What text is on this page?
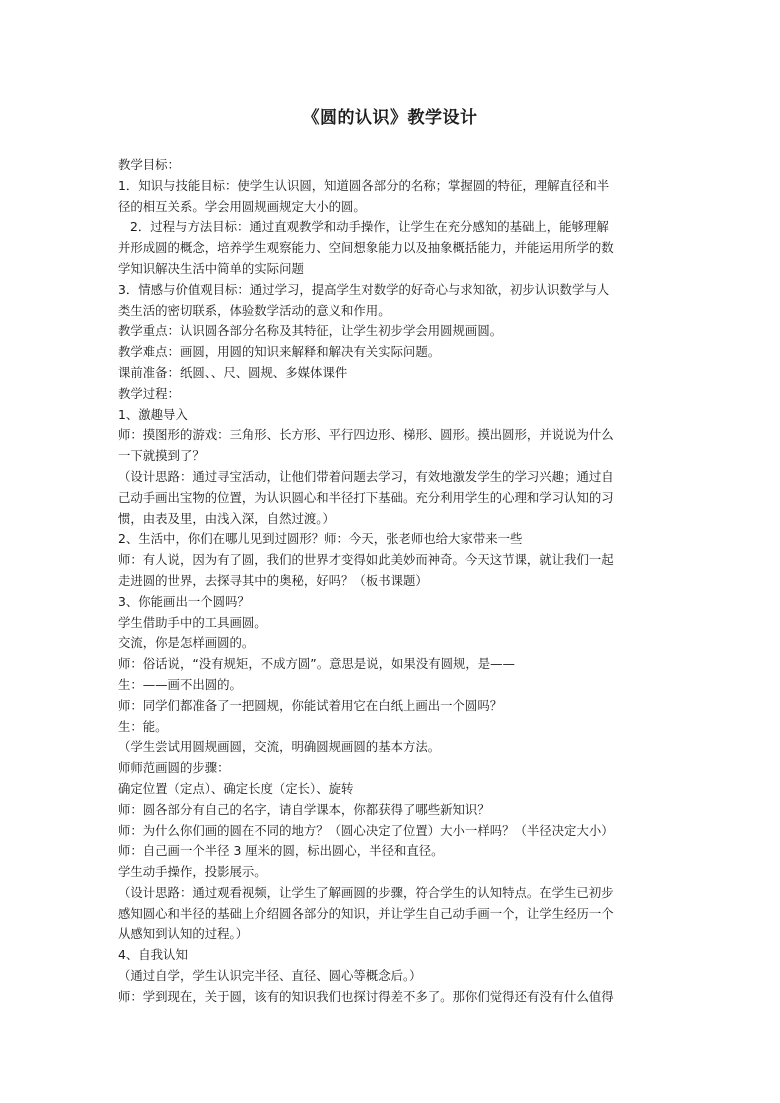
《圆的认识》教学设计
教学目标：
1．知识与技能目标：使学生认识圆，知道圆各部分的名称；掌握圆的特征，理解直径和半
径的相互关系。学会用圆规画规定大小的圆。
2．过程与方法目标：通过直观教学和动手操作，让学生在充分感知的基础上，能够理解
并形成圆的概念，培养学生观察能力、空间想象能力以及抽象概括能力，并能运用所学的数
学知识解决生活中简单的实际问题
3．情感与价值观目标：通过学习，提高学生对数学的好奇心与求知欲，初步认识数学与人
类生活的密切联系，体验数学活动的意义和作用。
教学重点：认识圆各部分名称及其特征，让学生初步学会用圆规画圆。
教学难点：画圆，用圆的知识来解释和解决有关实际问题。
课前准备：纸圆、、尺、圆规、多媒体课件
教学过程：
1、激趣导入
师：摸图形的游戏：三角形、长方形、平行四边形、梯形、圆形。摸出圆形，并说说为什么
一下就摸到了？
（设计思路：通过寻宝活动，让他们带着问题去学习，有效地激发学生的学习兴趣；通过自
己动手画出宝物的位置，为认识圆心和半径打下基础。充分利用学生的心理和学习认知的习
惯，由表及里，由浅入深，自然过渡。）
2、生活中，你们在哪儿见到过圆形？师：今天，张老师也给大家带来一些
师：有人说，因为有了圆，我们的世界才变得如此美妙而神奇。今天这节课，就让我们一起
走进圆的世界，去探寻其中的奥秘，好吗？（板书课题）
3、你能画出一个圆吗？
学生借助手中的工具画圆。
交流，你是怎样画圆的。
师：俗话说，“没有规矩，不成方圆”。意思是说，如果没有圆规，是——
生：——画不出圆的。
师：同学们都准备了一把圆规，你能试着用它在白纸上画出一个圆吗？
生：能。
（学生尝试用圆规画圆，交流，明确圆规画圆的基本方法。
师师范画圆的步骤：
确定位置（定点）、确定长度（定长）、旋转
师：圆各部分有自己的名字，请自学课本，你都获得了哪些新知识？
师：为什么你们画的圆在不同的地方？（圆心决定了位置）大小一样吗？（半径决定大小）
师：自己画一个半径 3 厘米的圆，标出圆心，半径和直径。
学生动手操作，投影展示。
（设计思路：通过观看视频，让学生了解画圆的步骤，符合学生的认知特点。在学生已初步
感知圆心和半径的基础上介绍圆各部分的知识，并让学生自己动手画一个，让学生经历一个
从感知到认知的过程。）
4、自我认知
（通过自学，学生认识完半径、直径、圆心等概念后。）
师：学到现在，关于圆，该有的知识我们也探讨得差不多了。那你们觉得还有没有什么值得
